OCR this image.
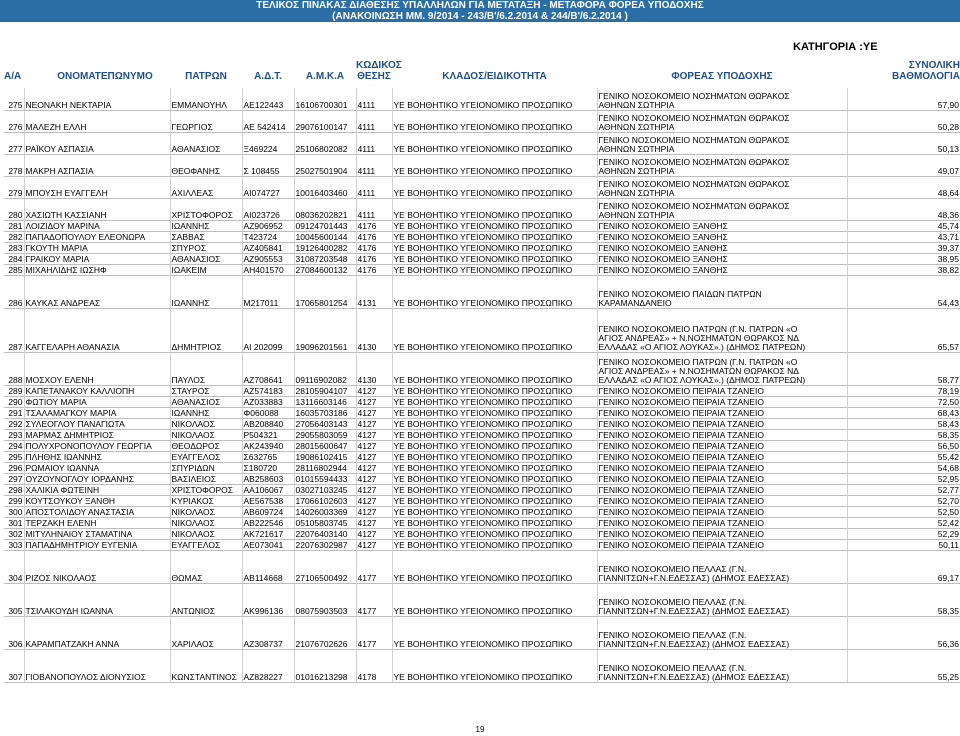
ΤΕΛΙΚΟΣ ΠΙΝΑΚΑΣ ΔΙΑΘΕΣΗΣ ΥΠΑΛΛΗΛΩΝ ΓΙΑ ΜΕΤΑΤΑΞΗ - ΜΕΤΑΦΟΡΑ ΦΟΡΕΑ ΥΠΟΔΟΧΗΣ
(ΑΝΑΚΟΙΝΩΣΗ ΜΜ. 9/2014 - 243/Β'/6.2.2014 & 244/Β'/6.2.2014 )
ΚΑΤΗΓΟΡΙΑ :ΥΕ
Α/Α	ΟΝΟΜΑΤΕΠΩΝΥΜΟ	ΠΑΤΡΩΝ	Α.Δ.Τ.	Α.Μ.Κ.Α	
ΚΩΔΙΚΟΣ
ΘΕΣΗΣ	ΚΛΑΔΟΣ/ΕΙΔΙΚΟΤΗΤΑ	ΦΟΡΕΑΣ ΥΠΟΔΟΧΗΣ	
ΣΥΝΟΛΙΚΗ
ΒΑΘΜΟΛΟΓΙΑ
275	ΝΕΟΝΑΚΗ ΝΕΚΤΑΡΙΑ	ΕΜΜΑΝΟΥΗΛ	ΑΕ122443	16106700301	4111	ΥΕ ΒΟΗΘΗΤΙΚΟ ΥΓΕΙΟΝΟΜΙΚΟ ΠΡΟΣΩΠΙΚΟ	ΓΕΝΙΚΟ ΝΟΣΟΚΟΜΕΙΟ ΝΟΣΗΜΑΤΩΝ ΘΩΡΑΚΟΣ
ΑΘΗΝΩΝ ΣΩΤΗΡΙΑ	57,90
276	ΜΑΛΕΖΗ ΕΛΛΗ	ΓΕΩΡΓΙΟΣ	ΑΕ 542414	29076100147	4111	ΥΕ ΒΟΗΘΗΤΙΚΟ ΥΓΕΙΟΝΟΜΙΚΟ ΠΡΟΣΩΠΙΚΟ	ΓΕΝΙΚΟ ΝΟΣΟΚΟΜΕΙΟ ΝΟΣΗΜΑΤΩΝ ΘΩΡΑΚΟΣ
ΑΘΗΝΩΝ ΣΩΤΗΡΙΑ	50,28
277	ΡΑΪΚΟΥ ΑΣΠΑΣΙΑ	ΑΘΑΝΑΣΙΟΣ	Ξ469224	25106802082	4111	ΥΕ ΒΟΗΘΗΤΙΚΟ ΥΓΕΙΟΝΟΜΙΚΟ ΠΡΟΣΩΠΙΚΟ	ΓΕΝΙΚΟ ΝΟΣΟΚΟΜΕΙΟ ΝΟΣΗΜΑΤΩΝ ΘΩΡΑΚΟΣ
ΑΘΗΝΩΝ ΣΩΤΗΡΙΑ	50,13
278	ΜΑΚΡΗ ΑΣΠΑΣΙΑ	ΘΕΟΦΑΝΗΣ	Σ 108455	25027501904	4111	ΥΕ ΒΟΗΘΗΤΙΚΟ ΥΓΕΙΟΝΟΜΙΚΟ ΠΡΟΣΩΠΙΚΟ	ΓΕΝΙΚΟ ΝΟΣΟΚΟΜΕΙΟ ΝΟΣΗΜΑΤΩΝ ΘΩΡΑΚΟΣ
ΑΘΗΝΩΝ ΣΩΤΗΡΙΑ	49,07
279	ΜΠΟΥΣΗ ΕΥΑΓΓΕΛΗ	ΑΧΙΛΛΕΑΣ	ΑΙ074727	10016403460	4111	ΥΕ ΒΟΗΘΗΤΙΚΟ ΥΓΕΙΟΝΟΜΙΚΟ ΠΡΟΣΩΠΙΚΟ	ΓΕΝΙΚΟ ΝΟΣΟΚΟΜΕΙΟ ΝΟΣΗΜΑΤΩΝ ΘΩΡΑΚΟΣ
ΑΘΗΝΩΝ ΣΩΤΗΡΙΑ	48,64
280	ΧΑΣΙΩΤΗ ΚΑΣΣΙΑΝΗ	ΧΡΙΣΤΟΦΟΡΟΣ	ΑΙ023726	08036202821	4111	ΥΕ ΒΟΗΘΗΤΙΚΟ ΥΓΕΙΟΝΟΜΙΚΟ ΠΡΟΣΩΠΙΚΟ	ΓΕΝΙΚΟ ΝΟΣΟΚΟΜΕΙΟ ΝΟΣΗΜΑΤΩΝ ΘΩΡΑΚΟΣ
ΑΘΗΝΩΝ ΣΩΤΗΡΙΑ	48,36
281	ΛΟΙΖΙΔΟΥ ΜΑΡΙΝΑ	ΙΩΑΝΝΗΣ	ΑΖ906952	09124701443	4176	ΥΕ ΒΟΗΘΗΤΙΚΟ ΥΓΕΙΟΝΟΜΙΚΟ ΠΡΟΣΩΠΙΚΟ	ΓΕΝΙΚΟ ΝΟΣΟΚΟΜΕΙΟ ΞΑΝΘΗΣ	45,74
282	ΠΑΠΑΔΟΠΟΥΛΟΥ ΕΛΕΟΝΩΡΑ	ΣΑΒΒΑΣ	Τ423724	10045600144	4176	ΥΕ ΒΟΗΘΗΤΙΚΟ ΥΓΕΙΟΝΟΜΙΚΟ ΠΡΟΣΩΠΙΚΟ	ΓΕΝΙΚΟ ΝΟΣΟΚΟΜΕΙΟ ΞΑΝΘΗΣ	43,71
283	ΓΚΟΥΤΗ ΜΑΡΙΑ	ΣΠΥΡΟΣ	ΑΖ405841	19126400282	4176	ΥΕ ΒΟΗΘΗΤΙΚΟ ΥΓΕΙΟΝΟΜΙΚΟ ΠΡΟΣΩΠΙΚΟ	ΓΕΝΙΚΟ ΝΟΣΟΚΟΜΕΙΟ ΞΑΝΘΗΣ	39,37
284	ΓΡΑΙΚΟΥ ΜΑΡΙΑ	ΑΘΑΝΑΣΙΟΣ	ΑΖ905553	31087203548	4176	ΥΕ ΒΟΗΘΗΤΙΚΟ ΥΓΕΙΟΝΟΜΙΚΟ ΠΡΟΣΩΠΙΚΟ	ΓΕΝΙΚΟ ΝΟΣΟΚΟΜΕΙΟ ΞΑΝΘΗΣ	38,95
285	ΜΙΧΑΗΛΙΔΗΣ ΙΩΣΗΦ	ΙΩΑΚΕΙΜ	ΑΗ401570	27084600132	4176	ΥΕ ΒΟΗΘΗΤΙΚΟ ΥΓΕΙΟΝΟΜΙΚΟ ΠΡΟΣΩΠΙΚΟ	ΓΕΝΙΚΟ ΝΟΣΟΚΟΜΕΙΟ ΞΑΝΘΗΣ	38,82
286	ΚΑΥΚΑΣ ΑΝΔΡΕΑΣ	ΙΩΑΝΝΗΣ	Μ217011	17065801254	4131	ΥΕ ΒΟΗΘΗΤΙΚΟ ΥΓΕΙΟΝΟΜΙΚΟ ΠΡΟΣΩΠΙΚΟ	ΓΕΝΙΚΟ ΝΟΣΟΚΟΜΕΙΟ ΠΑΙΔΩΝ ΠΑΤΡΩΝ
ΚΑΡΑΜΑΝΔΑΝΕΙΟ	54,43
287	ΚΑΓΓΕΛΑΡΗ ΑΘΑΝΑΣΙΑ	ΔΗΜΗΤΡΙΟΣ	ΑΙ 202099	19096201561	4130	ΥΕ ΒΟΗΘΗΤΙΚΟ ΥΓΕΙΟΝΟΜΙΚΟ ΠΡΟΣΩΠΙΚΟ	ΓΕΝΙΚΟ ΝΟΣΟΚΟΜΕΙΟ ΠΑΤΡΩΝ (Γ.Ν. ΠΑΤΡΩΝ «Ο
ΑΓΙΟΣ ΑΝΔΡΕΑΣ» + Ν.ΝΟΣΗΜΑΤΩΝ ΘΩΡΑΚΟΣ ΝΔ
ΕΛΛΑΔΑΣ «Ο ΑΓΙΟΣ ΛΟΥΚΑΣ».) (ΔΗΜΟΣ ΠΑΤΡΕΩΝ)	65,57
288	ΜΟΣΧΟΥ ΕΛΕΝΗ	ΠΑΥΛΟΣ	ΑΖ708641	09116902082	4130	ΥΕ ΒΟΗΘΗΤΙΚΟ ΥΓΕΙΟΝΟΜΙΚΟ ΠΡΟΣΩΠΙΚΟ	ΓΕΝΙΚΟ ΝΟΣΟΚΟΜΕΙΟ ΠΑΤΡΩΝ (Γ.Ν. ΠΑΤΡΩΝ «Ο
ΑΓΙΟΣ ΑΝΔΡΕΑΣ» + Ν.ΝΟΣΗΜΑΤΩΝ ΘΩΡΑΚΟΣ ΝΔ
ΕΛΛΑΔΑΣ «Ο ΑΓΙΟΣ ΛΟΥΚΑΣ».) (ΔΗΜΟΣ ΠΑΤΡΕΩΝ)	58,77
289	ΚΑΠΕΤΑΝΑΚΟΥ ΚΑΛΛΙΟΠΗ	ΣΤΑΥΡΟΣ	ΑΖ574183	28105904107	4127	ΥΕ ΒΟΗΘΗΤΙΚΟ ΥΓΕΙΟΝΟΜΙΚΟ ΠΡΟΣΩΠΙΚΟ	ΓΕΝΙΚΟ ΝΟΣΟΚΟΜΕΙΟ ΠΕΙΡΑΙΑ ΤΖΑΝΕΙΟ	78,19
290	ΦΩΤΙΟΥ ΜΑΡΙΑ	ΑΘΑΝΑΣΙΟΣ	ΑΖ033883	13116603146	4127	ΥΕ ΒΟΗΘΗΤΙΚΟ ΥΓΕΙΟΝΟΜΙΚΟ ΠΡΟΣΩΠΙΚΟ	ΓΕΝΙΚΟ ΝΟΣΟΚΟΜΕΙΟ ΠΕΙΡΑΙΑ ΤΖΑΝΕΙΟ	72,50
291	ΤΣΑΛΑΜΑΓΚΟΥ ΜΑΡΙΑ	ΙΩΑΝΝΗΣ	Φ060088	16035703186	4127	ΥΕ ΒΟΗΘΗΤΙΚΟ ΥΓΕΙΟΝΟΜΙΚΟ ΠΡΟΣΩΠΙΚΟ	ΓΕΝΙΚΟ ΝΟΣΟΚΟΜΕΙΟ ΠΕΙΡΑΙΑ ΤΖΑΝΕΙΟ	68,43
292	ΣΥΛΕΟΓΛΟΥ ΠΑΝΑΓΙΩΤΑ	ΝΙΚΟΛΑΟΣ	ΑΒ208840	27056403143	4127	ΥΕ ΒΟΗΘΗΤΙΚΟ ΥΓΕΙΟΝΟΜΙΚΟ ΠΡΟΣΩΠΙΚΟ	ΓΕΝΙΚΟ ΝΟΣΟΚΟΜΕΙΟ ΠΕΙΡΑΙΑ ΤΖΑΝΕΙΟ	58,43
293	ΜΑΡΜΑΣ ΔΗΜΗΤΡΙΟΣ	ΝΙΚΟΛΑΟΣ	Ρ504321	29055803059	4127	ΥΕ ΒΟΗΘΗΤΙΚΟ ΥΓΕΙΟΝΟΜΙΚΟ ΠΡΟΣΩΠΙΚΟ	ΓΕΝΙΚΟ ΝΟΣΟΚΟΜΕΙΟ ΠΕΙΡΑΙΑ ΤΖΑΝΕΙΟ	58,35
294	ΠΟΛΥΧΡΟΝΟΠΟΥΛΟΥ ΓΕΩΡΓΙΑ	ΘΕΟΔΩΡΟΣ	ΑΚ243940	28015600647	4127	ΥΕ ΒΟΗΘΗΤΙΚΟ ΥΓΕΙΟΝΟΜΙΚΟ ΠΡΟΣΩΠΙΚΟ	ΓΕΝΙΚΟ ΝΟΣΟΚΟΜΕΙΟ ΠΕΙΡΑΙΑ ΤΖΑΝΕΙΟ	56,50
295	ΠΛΗΘΗΣ ΙΩΑΝΝΗΣ	ΕΥΑΓΓΕΛΟΣ	Σ632765	19086102415	4127	ΥΕ ΒΟΗΘΗΤΙΚΟ ΥΓΕΙΟΝΟΜΙΚΟ ΠΡΟΣΩΠΙΚΟ	ΓΕΝΙΚΟ ΝΟΣΟΚΟΜΕΙΟ ΠΕΙΡΑΙΑ ΤΖΑΝΕΙΟ	55,42
296	ΡΩΜΑΙΟΥ ΙΩΑΝΝΑ	ΣΠΥΡΙΔΩΝ	Σ180720	28116802944	4127	ΥΕ ΒΟΗΘΗΤΙΚΟ ΥΓΕΙΟΝΟΜΙΚΟ ΠΡΟΣΩΠΙΚΟ	ΓΕΝΙΚΟ ΝΟΣΟΚΟΜΕΙΟ ΠΕΙΡΑΙΑ ΤΖΑΝΕΙΟ	54,68
297	ΟΥΖΟΥΝΟΓΛΟΥ ΙΟΡΔΑΝΗΣ	ΒΑΣΙΛΕΙΟΣ	ΑΒ258603	01015594433	4127	ΥΕ ΒΟΗΘΗΤΙΚΟ ΥΓΕΙΟΝΟΜΙΚΟ ΠΡΟΣΩΠΙΚΟ	ΓΕΝΙΚΟ ΝΟΣΟΚΟΜΕΙΟ ΠΕΙΡΑΙΑ ΤΖΑΝΕΙΟ	52,95
298	ΧΑΛΙΚΙΑ ΦΩΤΕΙΝΗ	ΧΡΙΣΤΟΦΟΡΟΣ	ΑΑ106067	03027103245	4127	ΥΕ ΒΟΗΘΗΤΙΚΟ ΥΓΕΙΟΝΟΜΙΚΟ ΠΡΟΣΩΠΙΚΟ	ΓΕΝΙΚΟ ΝΟΣΟΚΟΜΕΙΟ ΠΕΙΡΑΙΑ ΤΖΑΝΕΙΟ	52,77
299	ΚΟΥΤΣΟΥΚΟΥ ΞΑΝΘΗ	ΚΥΡΙΑΚΟΣ	ΑΕ567538	17066102603	4127	ΥΕ ΒΟΗΘΗΤΙΚΟ ΥΓΕΙΟΝΟΜΙΚΟ ΠΡΟΣΩΠΙΚΟ	ΓΕΝΙΚΟ ΝΟΣΟΚΟΜΕΙΟ ΠΕΙΡΑΙΑ ΤΖΑΝΕΙΟ	52,70
300	ΑΠΟΣΤΟΛΙΔΟΥ ΑΝΑΣΤΑΣΙΑ	ΝΙΚΟΛΑΟΣ	ΑΒ609724	14026003369	4127	ΥΕ ΒΟΗΘΗΤΙΚΟ ΥΓΕΙΟΝΟΜΙΚΟ ΠΡΟΣΩΠΙΚΟ	ΓΕΝΙΚΟ ΝΟΣΟΚΟΜΕΙΟ ΠΕΙΡΑΙΑ ΤΖΑΝΕΙΟ	52,50
301	ΤΕΡΖΑΚΗ ΕΛΕΝΗ	ΝΙΚΟΛΑΟΣ	ΑΒ222546	05105803745	4127	ΥΕ ΒΟΗΘΗΤΙΚΟ ΥΓΕΙΟΝΟΜΙΚΟ ΠΡΟΣΩΠΙΚΟ	ΓΕΝΙΚΟ ΝΟΣΟΚΟΜΕΙΟ ΠΕΙΡΑΙΑ ΤΖΑΝΕΙΟ	52,42
302	ΜΙΤΥΛΗΝΑΙΟΥ ΣΤΑΜΑΤΙΝΑ	ΝΙΚΟΛΑΟΣ	ΑΚ721617	22076403140	4127	ΥΕ ΒΟΗΘΗΤΙΚΟ ΥΓΕΙΟΝΟΜΙΚΟ ΠΡΟΣΩΠΙΚΟ	ΓΕΝΙΚΟ ΝΟΣΟΚΟΜΕΙΟ ΠΕΙΡΑΙΑ ΤΖΑΝΕΙΟ	52,29
303	ΠΑΠΑΔΗΜΗΤΡΙΟΥ ΕΥΓΕΝΙΑ	ΕΥΑΓΓΕΛΟΣ	ΑΕ073041	22076302987	4127	ΥΕ ΒΟΗΘΗΤΙΚΟ ΥΓΕΙΟΝΟΜΙΚΟ ΠΡΟΣΩΠΙΚΟ	ΓΕΝΙΚΟ ΝΟΣΟΚΟΜΕΙΟ ΠΕΙΡΑΙΑ ΤΖΑΝΕΙΟ	50,11
304	ΡΙΖΟΣ ΝΙΚΟΛΑΟΣ	ΘΩΜΑΣ	ΑΒ114668	27106500492	4177	ΥΕ ΒΟΗΘΗΤΙΚΟ ΥΓΕΙΟΝΟΜΙΚΟ ΠΡΟΣΩΠΙΚΟ	ΓΕΝΙΚΟ ΝΟΣΟΚΟΜΕΙΟ ΠΕΛΛΑΣ (Γ.Ν.
ΓΙΑΝΝΙΤΣΩΝ+Γ.Ν.ΕΔΕΣΣΑΣ) (ΔΗΜΟΣ ΕΔΕΣΣΑΣ)	69,17
305	ΤΣΙΛΑΚΟΥΔΗ ΙΩΑΝΝΑ	ΑΝΤΩΝΙΟΣ	ΑΚ996136	08075903503	4177	ΥΕ ΒΟΗΘΗΤΙΚΟ ΥΓΕΙΟΝΟΜΙΚΟ ΠΡΟΣΩΠΙΚΟ	ΓΕΝΙΚΟ ΝΟΣΟΚΟΜΕΙΟ ΠΕΛΛΑΣ (Γ.Ν.
ΓΙΑΝΝΙΤΣΩΝ+Γ.Ν.ΕΔΕΣΣΑΣ) (ΔΗΜΟΣ ΕΔΕΣΣΑΣ)	58,35
306	ΚΑΡΑΜΠΑΤΖΑΚΗ ΑΝΝΑ	ΧΑΡΙΛΑΟΣ	ΑΖ308737	21076702626	4177	ΥΕ ΒΟΗΘΗΤΙΚΟ ΥΓΕΙΟΝΟΜΙΚΟ ΠΡΟΣΩΠΙΚΟ	ΓΕΝΙΚΟ ΝΟΣΟΚΟΜΕΙΟ ΠΕΛΛΑΣ (Γ.Ν.
ΓΙΑΝΝΙΤΣΩΝ+Γ.Ν.ΕΔΕΣΣΑΣ) (ΔΗΜΟΣ ΕΔΕΣΣΑΣ)	56,36
307	ΓΙΟΒΑΝΟΠΟΥΛΟΣ ΔΙΟΝΥΣΙΟΣ	ΚΩΝΣΤΑΝΤΙΝΟΣ	ΑΖ828227	01016213298	4178	ΥΕ ΒΟΗΘΗΤΙΚΟ ΥΓΕΙΟΝΟΜΙΚΟ ΠΡΟΣΩΠΙΚΟ	ΓΕΝΙΚΟ ΝΟΣΟΚΟΜΕΙΟ ΠΕΛΛΑΣ (Γ.Ν.
ΓΙΑΝΝΙΤΣΩΝ+Γ.Ν.ΕΔΕΣΣΑΣ) (ΔΗΜΟΣ ΕΔΕΣΣΑΣ)	55,25
19
